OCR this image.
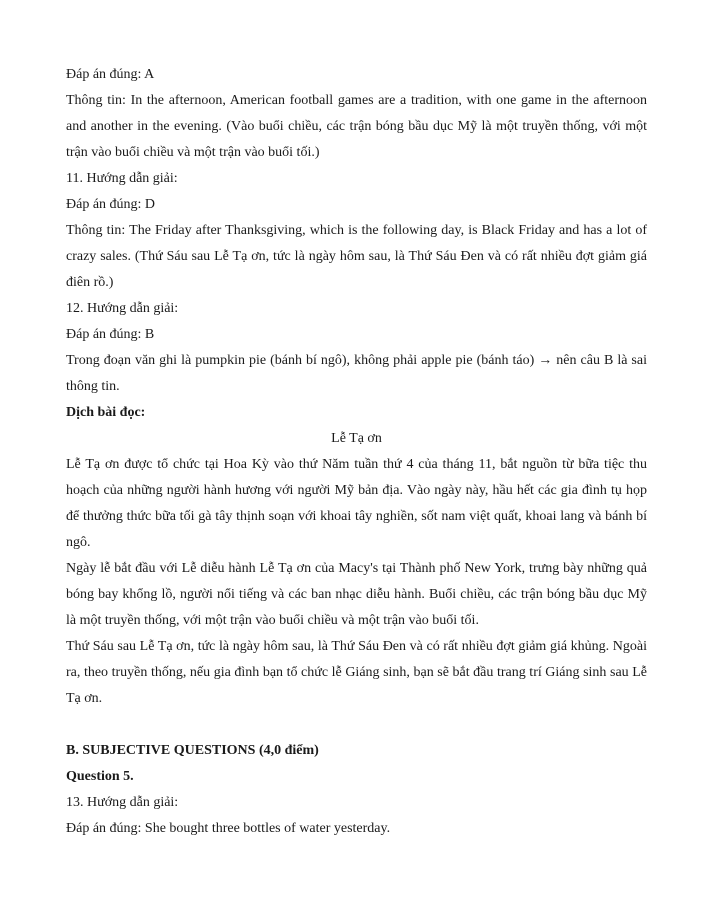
Đáp án đúng: A

Thông tin: In the afternoon, American football games are a tradition, with one game in the afternoon and another in the evening. (Vào buổi chiều, các trận bóng bầu dục Mỹ là một truyền thống, với một trận vào buổi chiều và một trận vào buổi tối.)

11. Hướng dẫn giải:

Đáp án đúng: D

Thông tin: The Friday after Thanksgiving, which is the following day, is Black Friday and has a lot of crazy sales. (Thứ Sáu sau Lễ Tạ ơn, tức là ngày hôm sau, là Thứ Sáu Đen và có rất nhiều đợt giảm giá điên rồ.)

12. Hướng dẫn giải:

Đáp án đúng: B

Trong đoạn văn ghi là pumpkin pie (bánh bí ngô), không phải apple pie (bánh táo) → nên câu B là sai thông tin.

Dịch bài đọc:

Lễ Tạ ơn

Lễ Tạ ơn được tổ chức tại Hoa Kỳ vào thứ Năm tuần thứ 4 của tháng 11, bắt nguồn từ bữa tiệc thu hoạch của những người hành hương với người Mỹ bản địa. Vào ngày này, hầu hết các gia đình tụ họp để thưởng thức bữa tối gà tây thịnh soạn với khoai tây nghiền, sốt nam việt quất, khoai lang và bánh bí ngô.

Ngày lễ bắt đầu với Lễ diễu hành Lễ Tạ ơn của Macy's tại Thành phố New York, trưng bày những quả bóng bay khổng lồ, người nổi tiếng và các ban nhạc diễu hành. Buổi chiều, các trận bóng bầu dục Mỹ là một truyền thống, với một trận vào buổi chiều và một trận vào buổi tối.

Thứ Sáu sau Lễ Tạ ơn, tức là ngày hôm sau, là Thứ Sáu Đen và có rất nhiều đợt giảm giá khủng. Ngoài ra, theo truyền thống, nếu gia đình bạn tổ chức lễ Giáng sinh, bạn sẽ bắt đầu trang trí Giáng sinh sau Lễ Tạ ơn.

B. SUBJECTIVE QUESTIONS (4,0 điểm)

Question 5.

13. Hướng dẫn giải:

Đáp án đúng: She bought three bottles of water yesterday.
